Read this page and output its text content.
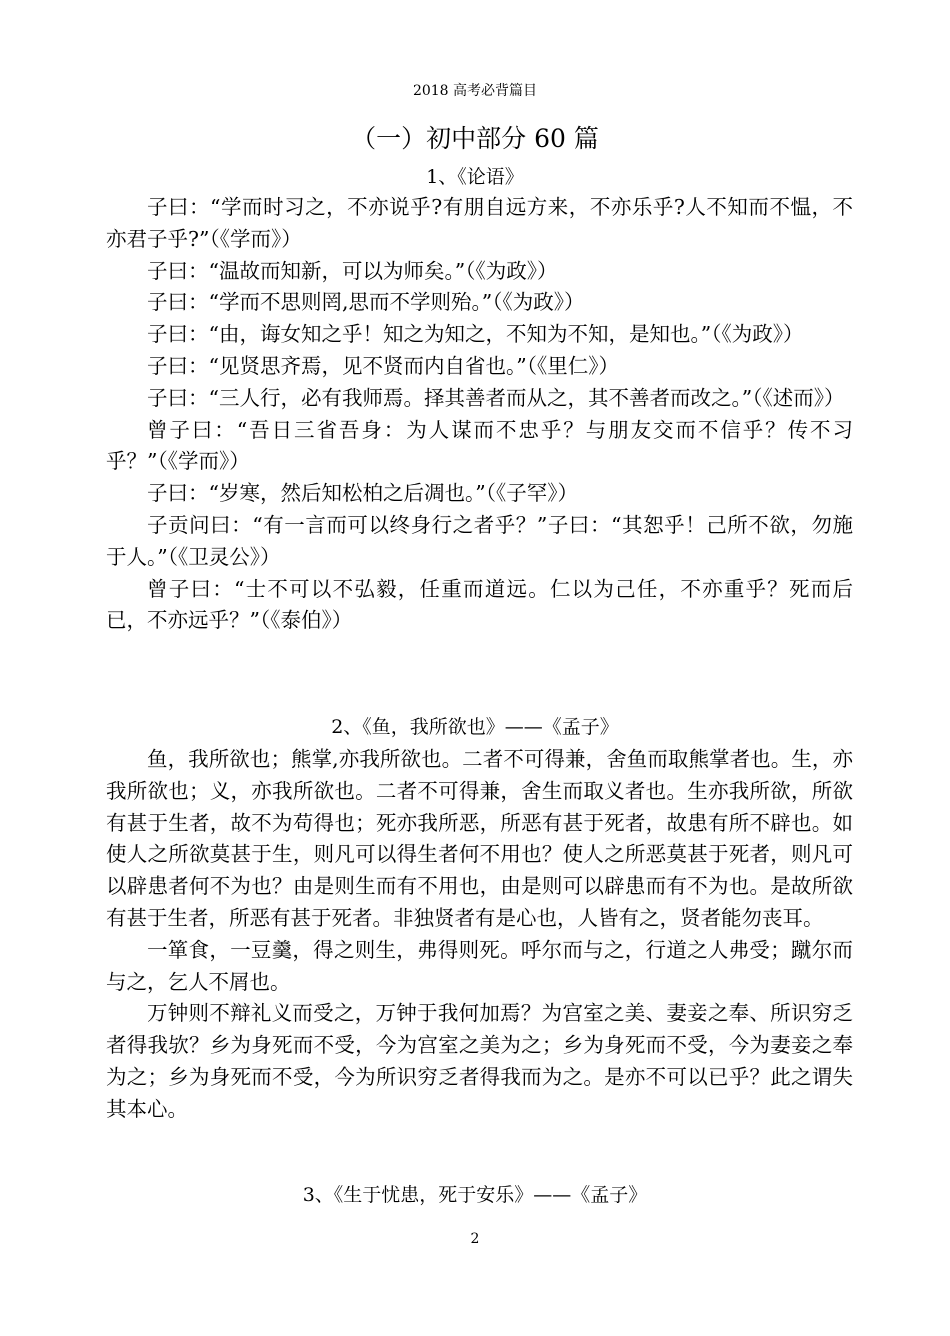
2018 高考必背篇目
（一）初中部分 60 篇
1、《论语》

子曰：“学而时习之，不亦说乎?有朋自远方来，不亦乐乎?人不知而不愠，不亦君子乎?”（《学而》）

子曰：“温故而知新，可以为师矣。”（《为政》）

子曰：“学而不思则罔,思而不学则殆。”（《为政》）

子曰：“由，诲女知之乎！知之为知之，不知为不知，是知也。”（《为政》）

子曰：“见贤思齐焉，见不贤而内自省也。”（《里仁》）

子曰：“三人行，必有我师焉。择其善者而从之，其不善者而改之。”（《述而》）

曾子曰：“吾日三省吾身：为人谋而不忠乎？与朋友交而不信乎？传不习乎？”（《学而》）

子曰：“岁寒，然后知松柏之后凋也。”（《子罕》）

子贡问曰：“有一言而可以终身行之者乎？”子曰：“其恕乎！己所不欲，勿施于人。”（《卫灵公》）

曾子曰：“士不可以不弘毅，任重而道远。仁以为己任，不亦重乎？死而后已，不亦远乎？”（《泰伯》）

2、《鱼，我所欲也》——《孟子》

鱼，我所欲也；熊掌,亦我所欲也。二者不可得兼，舍鱼而取熊掌者也。生，亦我所欲也；义，亦我所欲也。二者不可得兼，舍生而取义者也。生亦我所欲，所欲有甚于生者，故不为苟得也；死亦我所恶，所恶有甚于死者，故患有所不辟也。如使人之所欲莫甚于生，则凡可以得生者何不用也？使人之所恶莫甚于死者，则凡可以辟患者何不为也？由是则生而有不用也，由是则可以辟患而有不为也。是故所欲有甚于生者，所恶有甚于死者。非独贤者有是心也，人皆有之，贤者能勿丧耳。

一箪食，一豆羹，得之则生，弗得则死。呼尔而与之，行道之人弗受；蹴尔而与之，乞人不屑也。

万钟则不辩礼义而受之，万钟于我何加焉？为宫室之美、妻妾之奉、所识穷乏者得我欤？乡为身死而不受，今为宫室之美为之；乡为身死而不受，今为妻妾之奉为之；乡为身死而不受，今为所识穷乏者得我而为之。是亦不可以已乎？此之谓失其本心。

3、《生于忧患，死于安乐》——《孟子》
2
